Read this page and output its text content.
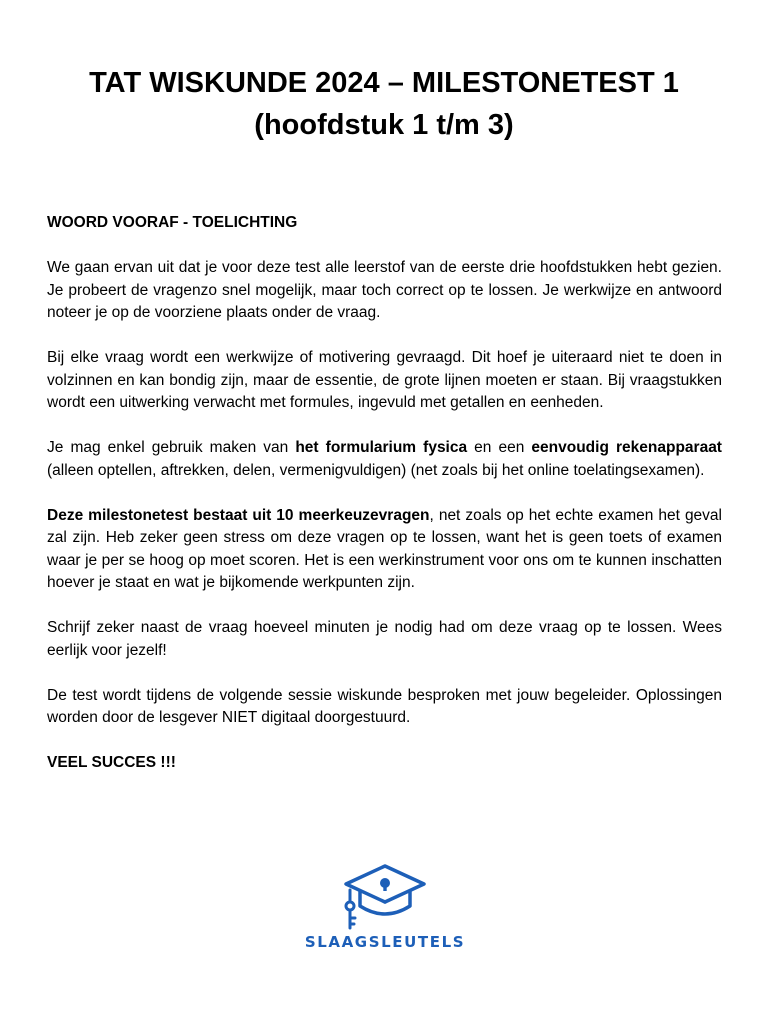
TAT WISKUNDE 2024 – MILESTONETEST 1
(hoofdstuk 1 t/m 3)

WOORD VOORAF - TOELICHTING

We gaan ervan uit dat je voor deze test alle leerstof van de eerste drie hoofdstukken hebt gezien. Je probeert de vragenzo snel mogelijk, maar toch correct op te lossen. Je werkwijze en antwoord noteer je op de voorziene plaats onder de vraag.

Bij elke vraag wordt een werkwijze of motivering gevraagd. Dit hoef je uiteraard niet te doen in volzinnen en kan bondig zijn, maar de essentie, de grote lijnen moeten er staan. Bij vraagstukken wordt een uitwerking verwacht met formules, ingevuld met getallen en eenheden.

Je mag enkel gebruik maken van het formularium fysica en een eenvoudig rekenapparaat (alleen optellen, aftrekken, delen, vermenigvuldigen) (net zoals bij het online toelatingsexamen).

Deze milestonetest bestaat uit 10 meerkeuzevragen, net zoals op het echte examen het geval zal zijn. Heb zeker geen stress om deze vragen op te lossen, want het is geen toets of examen waar je per se hoog op moet scoren. Het is een werkinstrument voor ons om te kunnen inschatten hoever je staat en wat je bijkomende werkpunten zijn.

Schrijf zeker naast de vraag hoeveel minuten je nodig had om deze vraag op te lossen. Wees eerlijk voor jezelf!

De test wordt tijdens de volgende sessie wiskunde besproken met jouw begeleider. Oplossingen worden door de lesgever NIET digitaal doorgestuurd.

VEEL SUCCES !!!

SLAAGSLEUTELS
